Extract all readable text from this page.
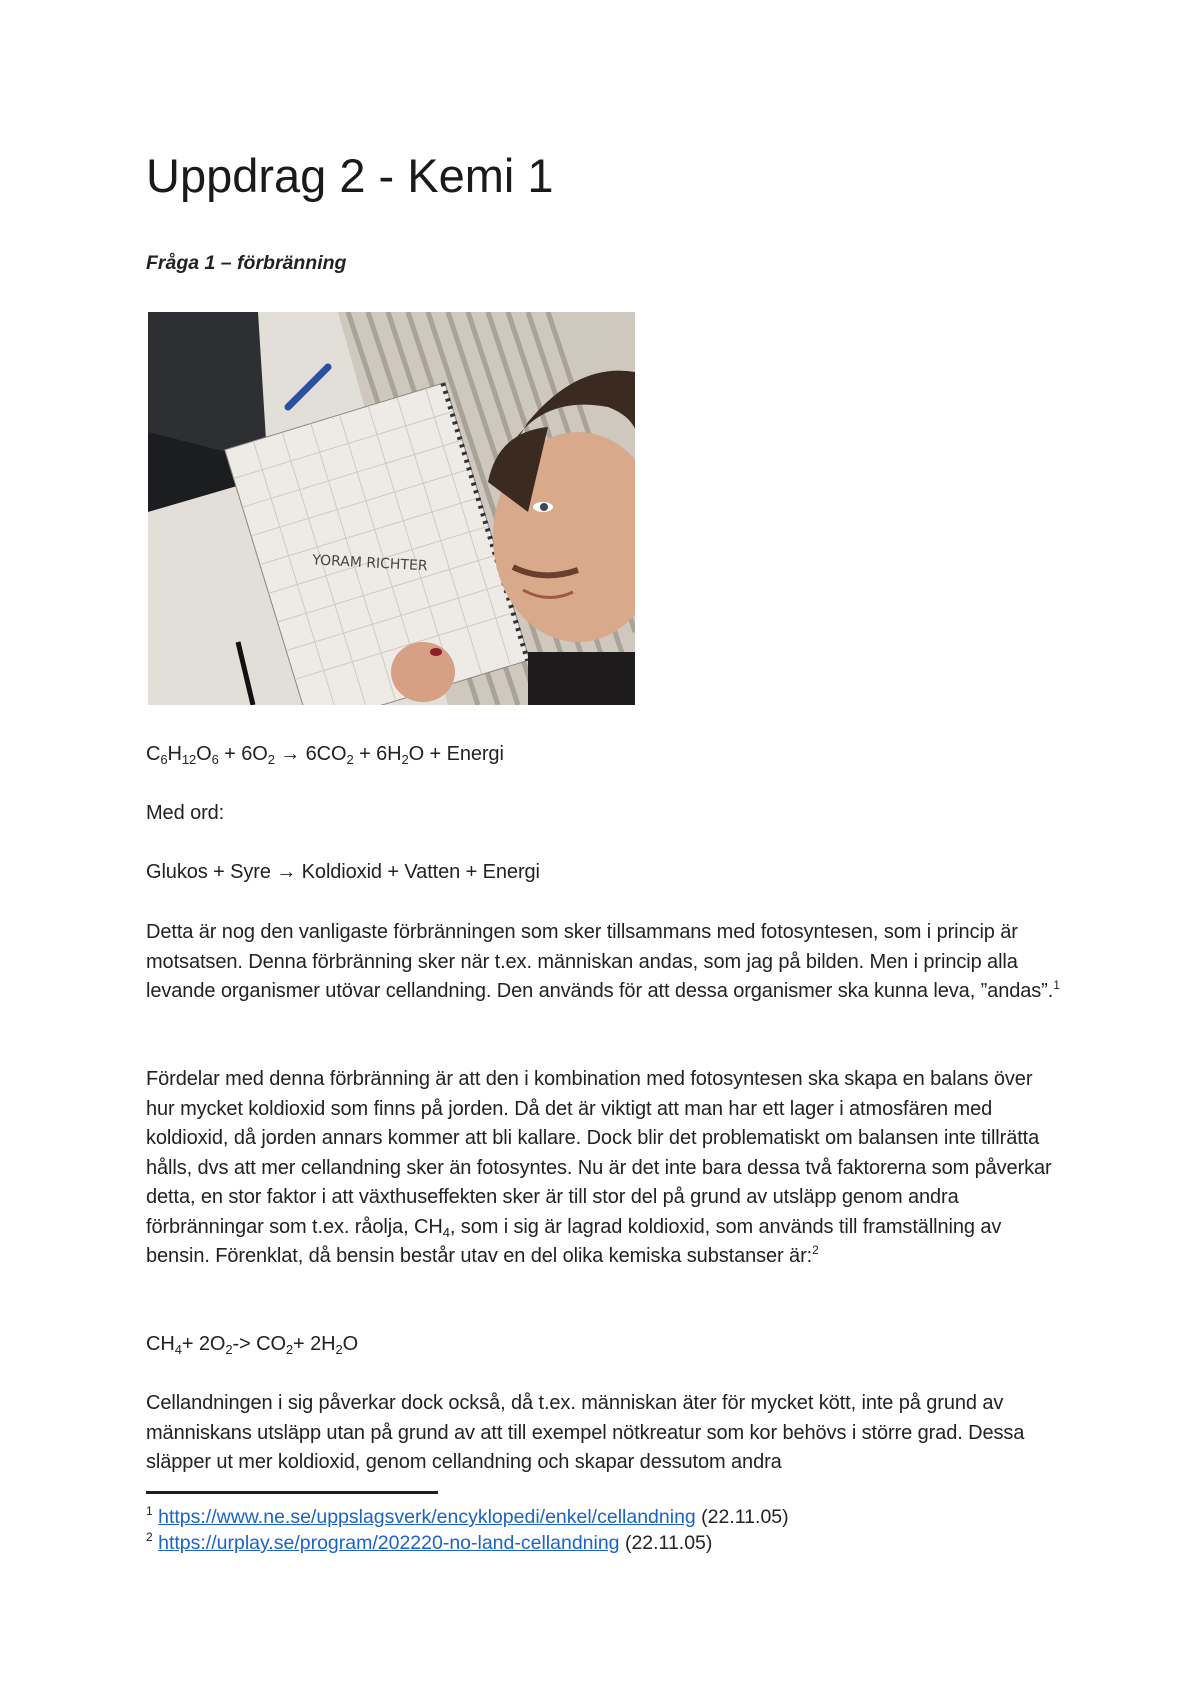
Uppdrag 2 - Kemi 1

Fråga 1 – förbränning

YORAM RICHTER

$C_6H_{12}O_6 + 6O_2 \to 6CO_2 + 6H_2O$ + Energi

Med ord:

Glukos + Syre → Koldioxid + Vatten + Energi

Detta är nog den vanligaste förbränningen som sker tillsammans med fotosyntesen, som i princip är motsatsen. Denna förbränning sker när t.ex. människan andas, som jag på bilden. Men i princip alla levande organismer utövar cellandning. Den används för att dessa organismer ska kunna leva, ”andas”.$^1$

Fördelar med denna förbränning är att den i kombination med fotosyntesen ska skapa en balans över hur mycket koldioxid som finns på jorden. Då det är viktigt att man har ett lager i atmosfären med koldioxid, då jorden annars kommer att bli kallare. Dock blir det problematiskt om balansen inte tillrätta hålls, dvs att mer cellandning sker än fotosyntes. Nu är det inte bara dessa två faktorerna som påverkar detta, en stor faktor i att växthuseffekten sker är till stor del på grund av utsläpp genom andra förbränningar som t.ex. råolja, $CH_4$, som i sig är lagrad koldioxid, som används till framställning av bensin. Förenklat, då bensin består utav en del olika kemiska substanser är:$^2$

$CH_4+ 2O_2-> CO_2+ 2H_2O$

Cellandningen i sig påverkar dock också, då t.ex. människan äter för mycket kött, inte på grund av människans utsläpp utan på grund av att till exempel nötkreatur som kor behövs i större grad. Dessa släpper ut mer koldioxid, genom cellandning och skapar dessutom andra

$^1$ https://www.ne.se/uppslagsverk/encyklopedi/enkel/cellandning (22.11.05)

$^2$ https://urplay.se/program/202220-no-land-cellandning (22.11.05)
